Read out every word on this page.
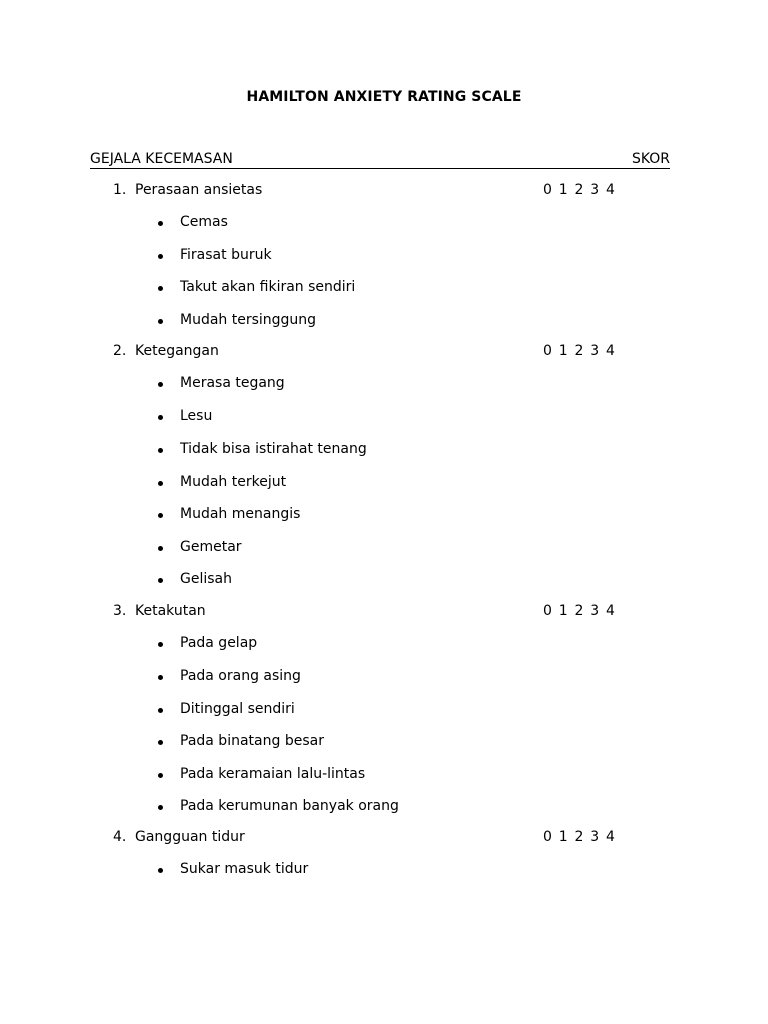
HAMILTON ANXIETY RATING SCALE
GEJALA KECEMASAN	SKOR
1. Perasaan ansietas	0 1 2 3 4
Cemas
Firasat buruk
Takut akan fikiran sendiri
Mudah tersinggung
2. Ketegangan	0 1 2 3 4
Merasa tegang
Lesu
Tidak bisa istirahat tenang
Mudah terkejut
Mudah menangis
Gemetar
Gelisah
3. Ketakutan	0 1 2 3 4
Pada gelap
Pada orang asing
Ditinggal sendiri
Pada binatang besar
Pada keramaian lalu-lintas
Pada kerumunan banyak orang
4. Gangguan tidur	0 1 2 3 4
Sukar masuk tidur
